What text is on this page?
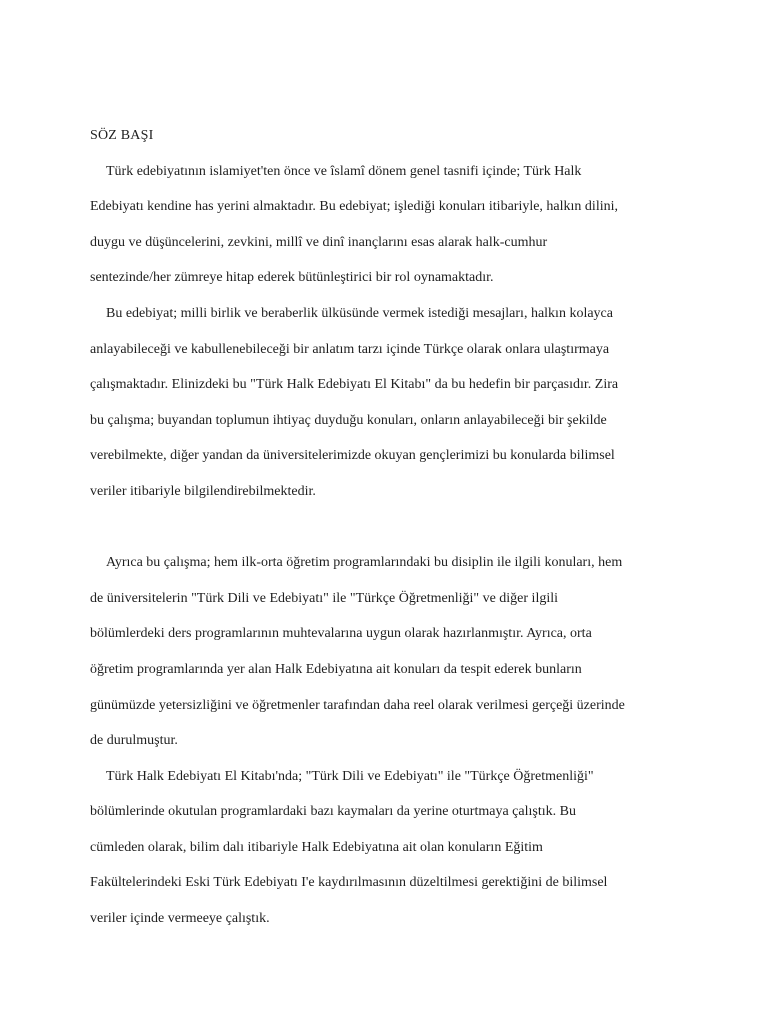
SÖZ BAŞI

Türk edebiyatının islamiyet'ten önce ve îslamî dönem genel tasnifi içinde; Türk Halk

Edebiyatı kendine has yerini almaktadır. Bu edebiyat; işlediği konuları itibariyle, halkın dilini,

duygu ve düşüncelerini, zevkini, millî ve dinî inançlarını esas alarak halk-cumhur

sentezinde/her zümreye hitap ederek bütünleştirici bir rol oynamaktadır.

Bu edebiyat; milli birlik ve beraberlik ülküsünde vermek istediği mesajları, halkın kolayca

anlayabileceği ve kabullenebileceği bir anlatım tarzı içinde Türkçe olarak onlara ulaştırmaya

çalışmaktadır. Elinizdeki bu "Türk Halk Edebiyatı El Kitabı" da bu hedefin bir parçasıdır. Zira

bu çalışma; buyandan toplumun ihtiyaç duyduğu konuları, onların anlayabileceği bir şekilde

verebilmekte, diğer yandan da üniversitelerimizde okuyan gençlerimizi bu konularda bilimsel

veriler itibariyle bilgilendirebilmektedir.

Ayrıca bu çalışma; hem ilk-orta öğretim programlarındaki bu disiplin ile ilgili konuları, hem

de üniversitelerin "Türk Dili ve Edebiyatı" ile "Türkçe Öğretmenliği" ve diğer ilgili

bölümlerdeki ders programlarının muhtevalarına uygun olarak hazırlanmıştır. Ayrıca, orta

öğretim programlarında yer alan Halk Edebiyatına ait konuları da tespit ederek bunların

günümüzde yetersizliğini ve öğretmenler tarafından daha reel olarak verilmesi gerçeği üzerinde

de durulmuştur.

Türk Halk Edebiyatı El Kitabı'nda; "Türk Dili ve Edebiyatı" ile "Türkçe Öğretmenliği"

bölümlerinde okutulan programlardaki bazı kaymaları da yerine oturtmaya çalıştık. Bu

cümleden olarak, bilim dalı itibariyle Halk Edebiyatına ait olan konuların Eğitim

Fakültelerindeki Eski Türk Edebiyatı I'e kaydırılmasının düzeltilmesi gerektiğini de bilimsel

veriler içinde vermeeye çalıştık.
